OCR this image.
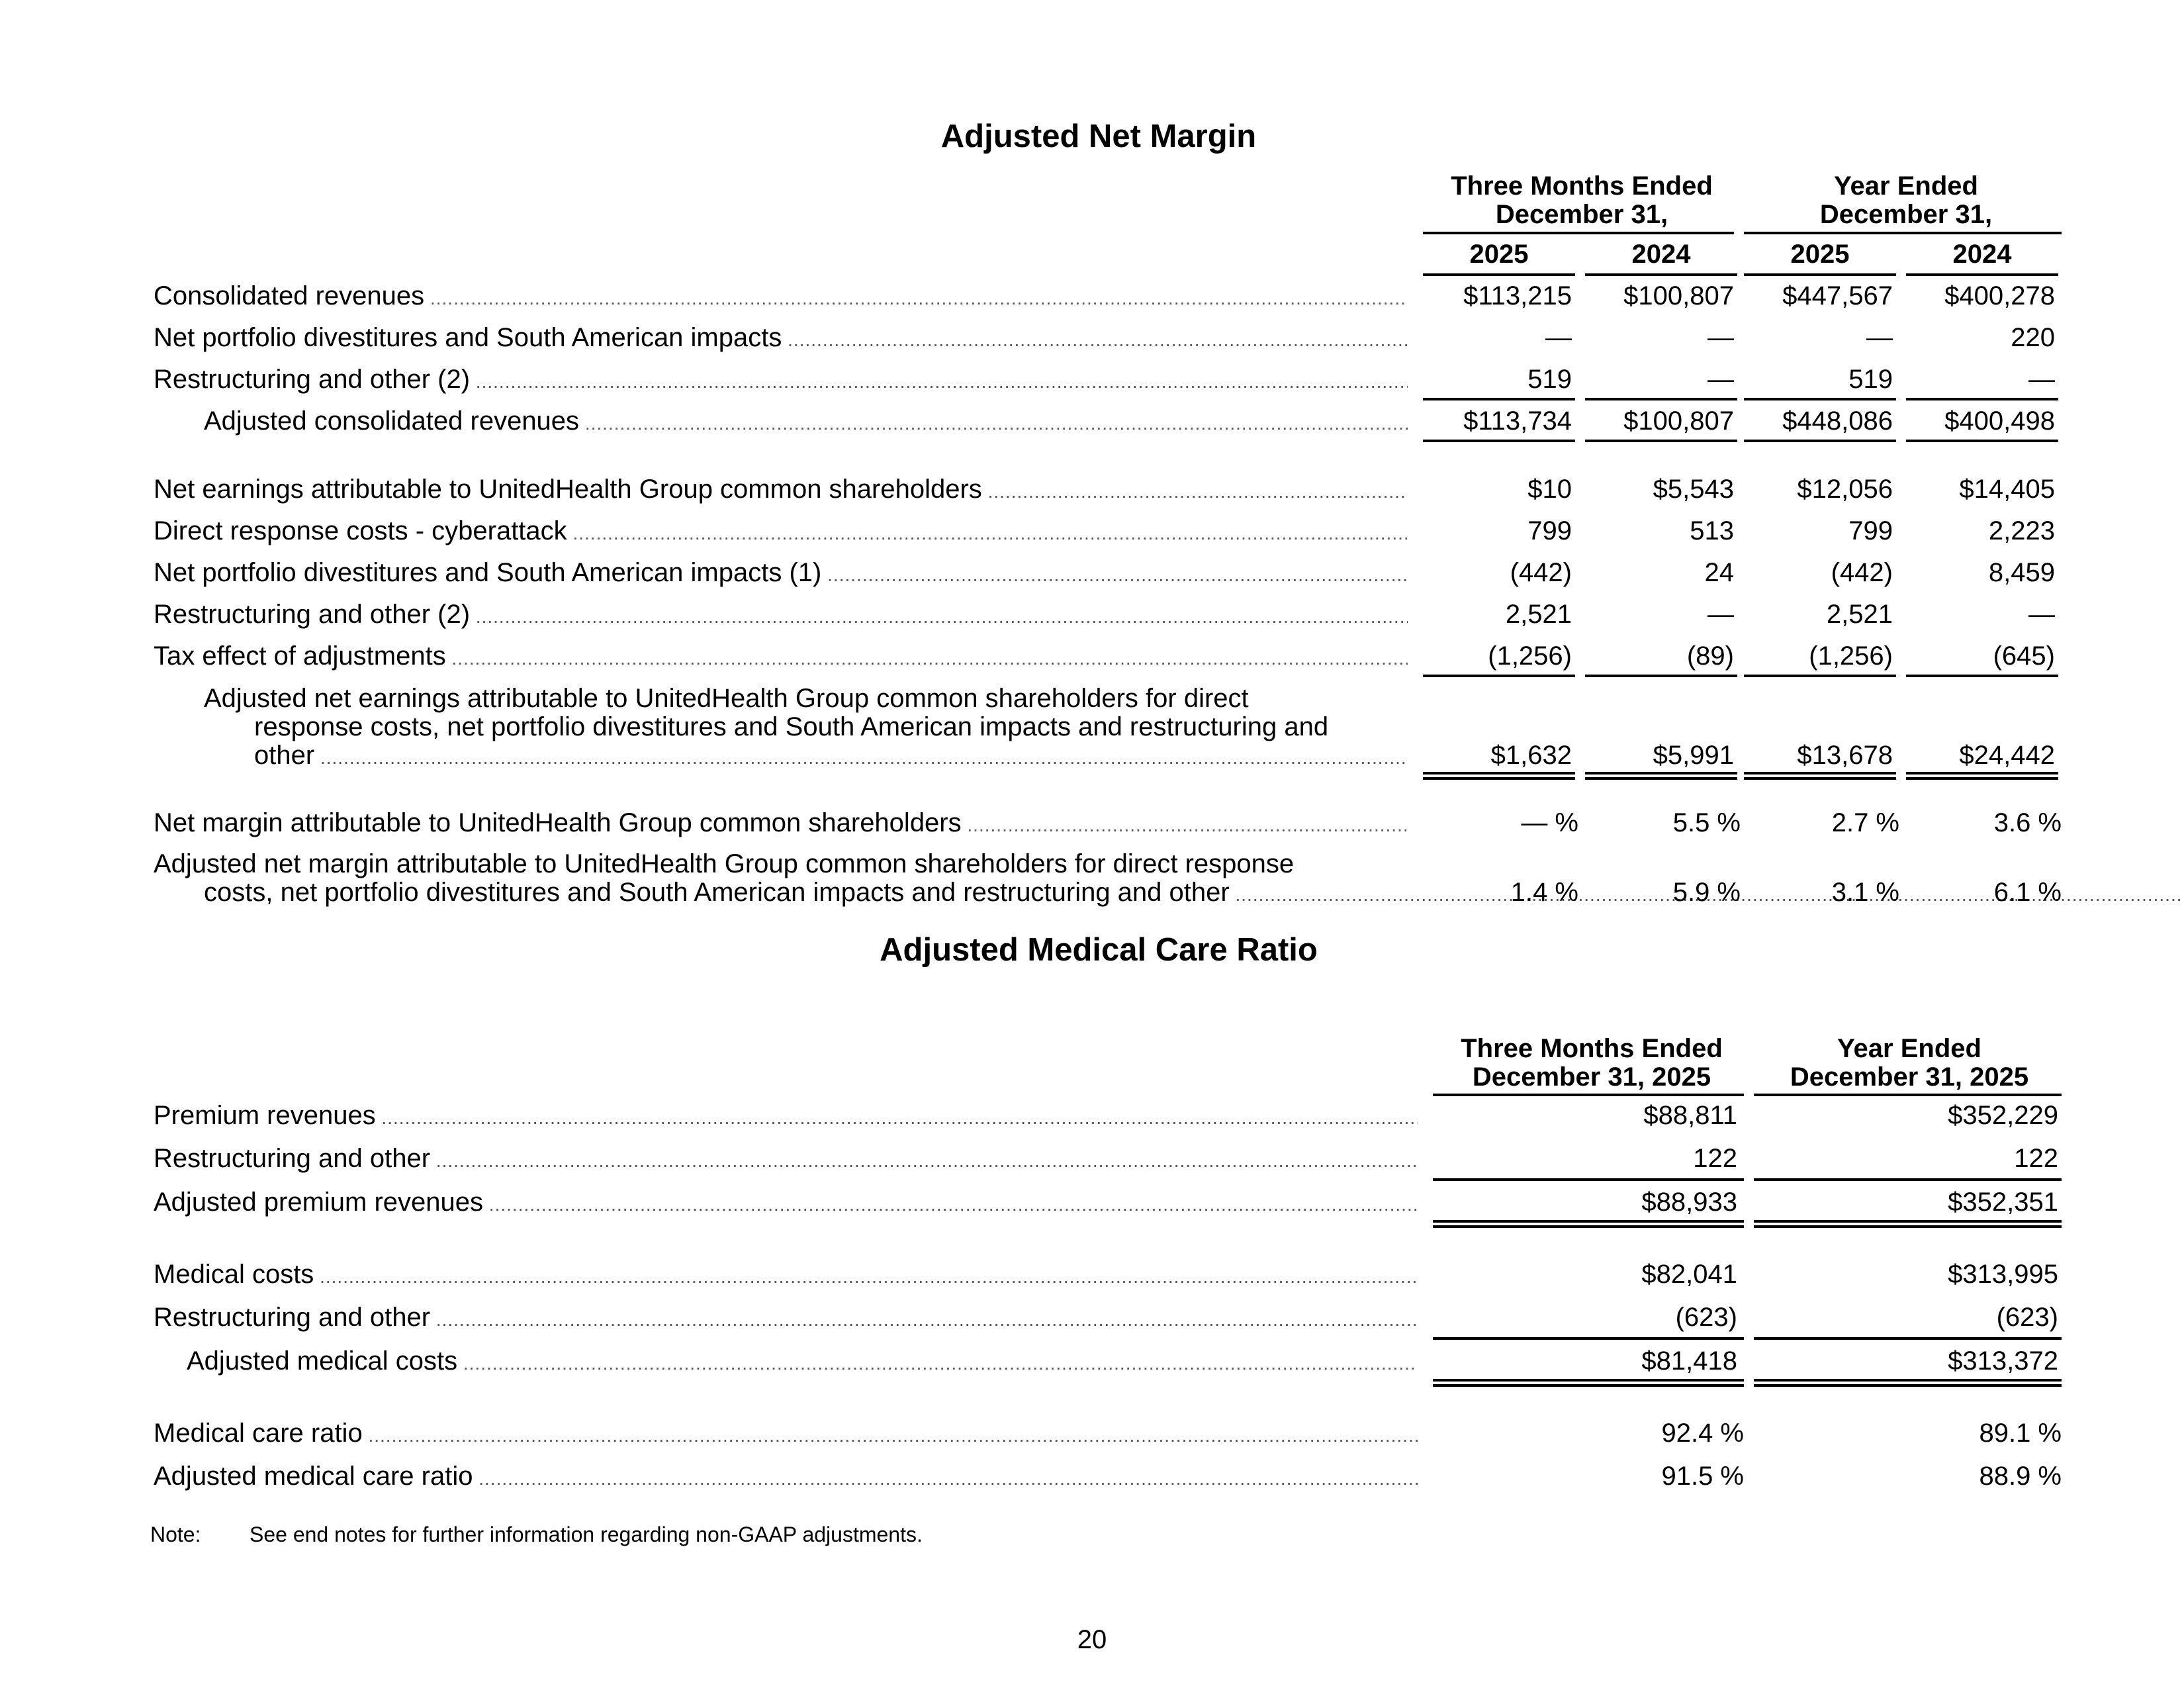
Adjusted Net Margin
Three Months Ended
December 31,
Year Ended
December 31,
2025	2024	2025	2024
Consolidated revenues .....	$113,215	$100,807	$447,567	$400,278
Net portfolio divestitures and South American impacts .....	—	—	—	220
Restructuring and other (2) .....	519	—	519	—
Adjusted consolidated revenues .....	$113,734	$100,807	$448,086	$400,498
Net earnings attributable to UnitedHealth Group common shareholders .....	$10	$5,543	$12,056	$14,405
Direct response costs - cyberattack .....	799	513	799	2,223
Net portfolio divestitures and South American impacts (1) .....	(442)	24	(442)	8,459
Restructuring and other (2) .....	2,521	—	2,521	—
Tax effect of adjustments .....	(1,256)	(89)	(1,256)	(645)
Adjusted net earnings attributable to UnitedHealth Group common shareholders for direct
response costs, net portfolio divestitures and South American impacts and restructuring and
other .....	$1,632	$5,991	$13,678	$24,442
Net margin attributable to UnitedHealth Group common shareholders .....	— %	5.5 %	2.7 %	3.6 %
Adjusted net margin attributable to UnitedHealth Group common shareholders for direct response
costs, net portfolio divestitures and South American impacts and restructuring and other .....	1.4 %	5.9 %	3.1 %	6.1 %
Adjusted Medical Care Ratio
Three Months Ended
December 31, 2025
Year Ended
December 31, 2025
Premium revenues .....	$88,811	$352,229
Restructuring and other .....	122	122
Adjusted premium revenues .....	$88,933	$352,351
Medical costs .....	$82,041	$313,995
Restructuring and other .....	(623)	(623)
Adjusted medical costs .....	$81,418	$313,372
Medical care ratio .....	92.4 %	89.1 %
Adjusted medical care ratio .....	91.5 %	88.9 %
Note: See end notes for further information regarding non-GAAP adjustments.
20
